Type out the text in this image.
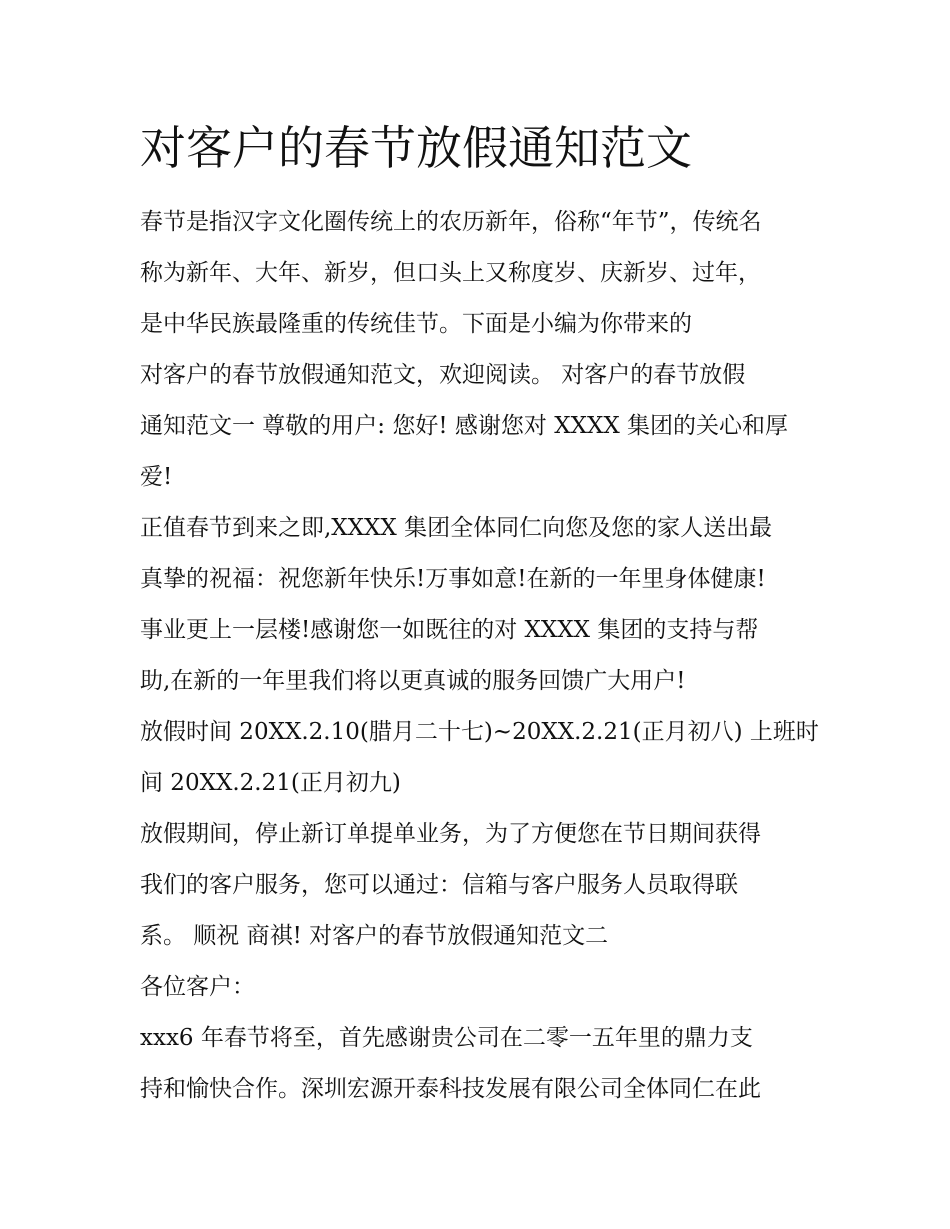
对客户的春节放假通知范文

春节是指汉字文化圈传统上的农历新年，俗称“年节”，传统名

称为新年、大年、新岁，但口头上又称度岁、庆新岁、过年，

是中华民族最隆重的传统佳节。下面是小编为你带来的

对客户的春节放假通知范文，欢迎阅读。 对客户的春节放假

通知范文一 尊敬的用户: 您好! 感谢您对 XXXX 集团的关心和厚

爱!

正值春节到来之即,XXXX 集团全体同仁向您及您的家人送出最

真挚的祝福：祝您新年快乐!万事如意!在新的一年里身体健康!

事业更上一层楼!感谢您一如既往的对 XXXX 集团的支持与帮

助,在新的一年里我们将以更真诚的服务回馈广大用户!

放假时间 20XX.2.10(腊月二十七)~20XX.2.21(正月初八) 上班时

间 20XX.2.21(正月初九)

放假期间，停止新订单提单业务，为了方便您在节日期间获得

我们的客户服务，您可以通过：信箱与客户服务人员取得联

系。 顺祝 商祺! 对客户的春节放假通知范文二

各位客户：

xxx6 年春节将至，首先感谢贵公司在二零一五年里的鼎力支

持和愉快合作。深圳宏源开泰科技发展有限公司全体同仁在此
